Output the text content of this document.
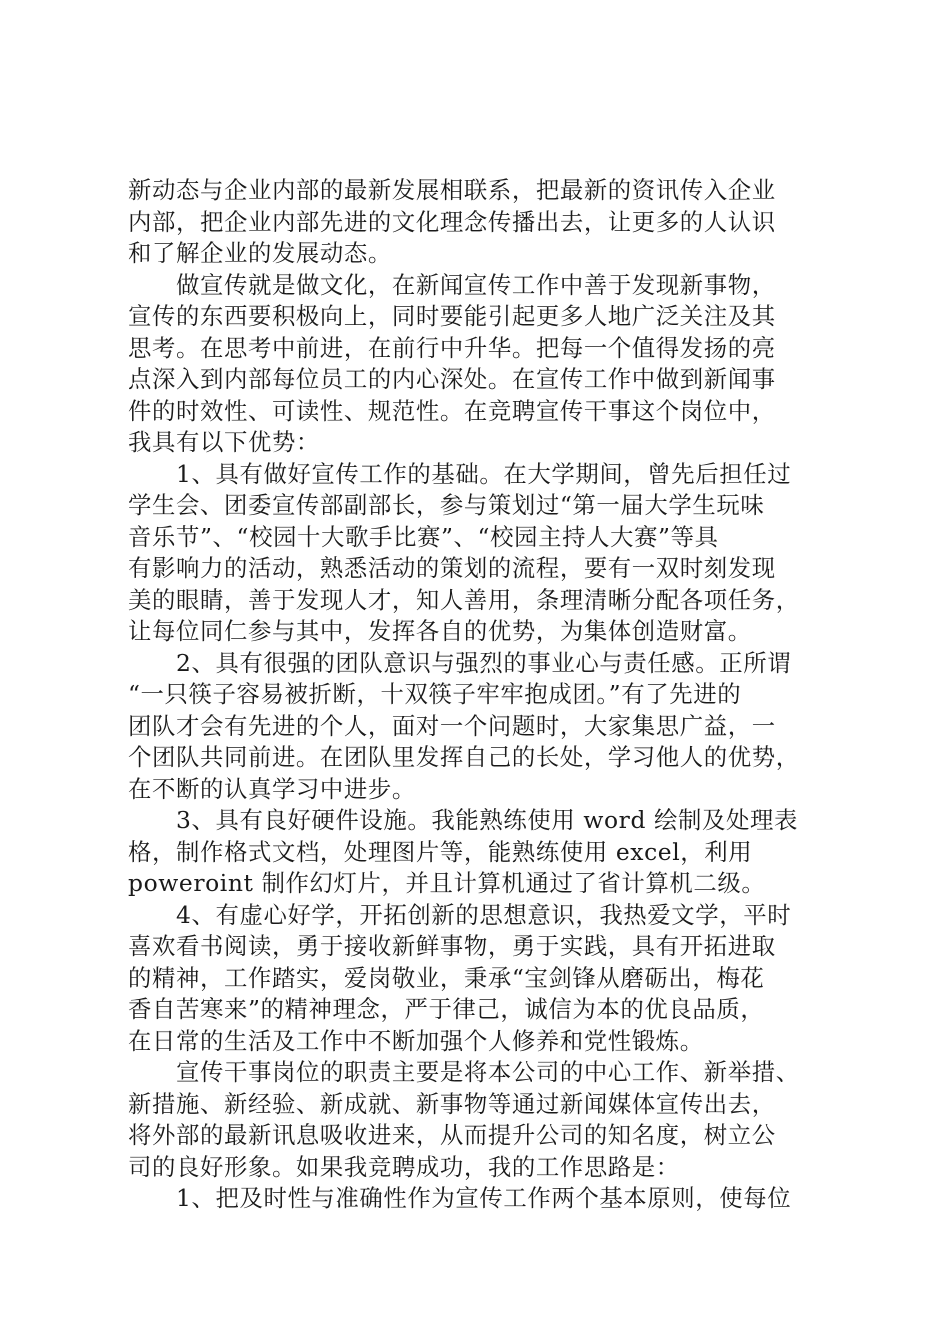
新动态与企业内部的最新发展相联系，把最新的资讯传入企业
内部，把企业内部先进的文化理念传播出去，让更多的人认识
和了解企业的发展动态。
做宣传就是做文化，在新闻宣传工作中善于发现新事物，
宣传的东西要积极向上，同时要能引起更多人地广泛关注及其
思考。在思考中前进，在前行中升华。把每一个值得发扬的亮
点深入到内部每位员工的内心深处。在宣传工作中做到新闻事
件的时效性、可读性、规范性。在竞聘宣传干事这个岗位中，
我具有以下优势：
1、具有做好宣传工作的基础。在大学期间，曾先后担任过
学生会、团委宣传部副部长，参与策划过“第一届大学生玩味
音乐节”、“校园十大歌手比赛”、“校园主持人大赛”等具
有影响力的活动，熟悉活动的策划的流程，要有一双时刻发现
美的眼睛，善于发现人才，知人善用，条理清晰分配各项任务，
让每位同仁参与其中，发挥各自的优势，为集体创造财富。
2、具有很强的团队意识与强烈的事业心与责任感。正所谓
“一只筷子容易被折断，十双筷子牢牢抱成团。”有了先进的
团队才会有先进的个人，面对一个问题时，大家集思广益，一
个团队共同前进。在团队里发挥自己的长处，学习他人的优势，
在不断的认真学习中进步。
3、具有良好硬件设施。我能熟练使用 word 绘制及处理表
格，制作格式文档，处理图片等，能熟练使用 excel，利用
poweroint 制作幻灯片，并且计算机通过了省计算机二级。
4、有虚心好学，开拓创新的思想意识，我热爱文学，平时
喜欢看书阅读，勇于接收新鲜事物，勇于实践，具有开拓进取
的精神，工作踏实，爱岗敬业，秉承“宝剑锋从磨砺出，梅花
香自苦寒来”的精神理念，严于律己，诚信为本的优良品质，
在日常的生活及工作中不断加强个人修养和党性锻炼。
宣传干事岗位的职责主要是将本公司的中心工作、新举措、
新措施、新经验、新成就、新事物等通过新闻媒体宣传出去，
将外部的最新讯息吸收进来，从而提升公司的知名度，树立公
司的良好形象。如果我竞聘成功，我的工作思路是：
1、把及时性与准确性作为宣传工作两个基本原则，使每位
